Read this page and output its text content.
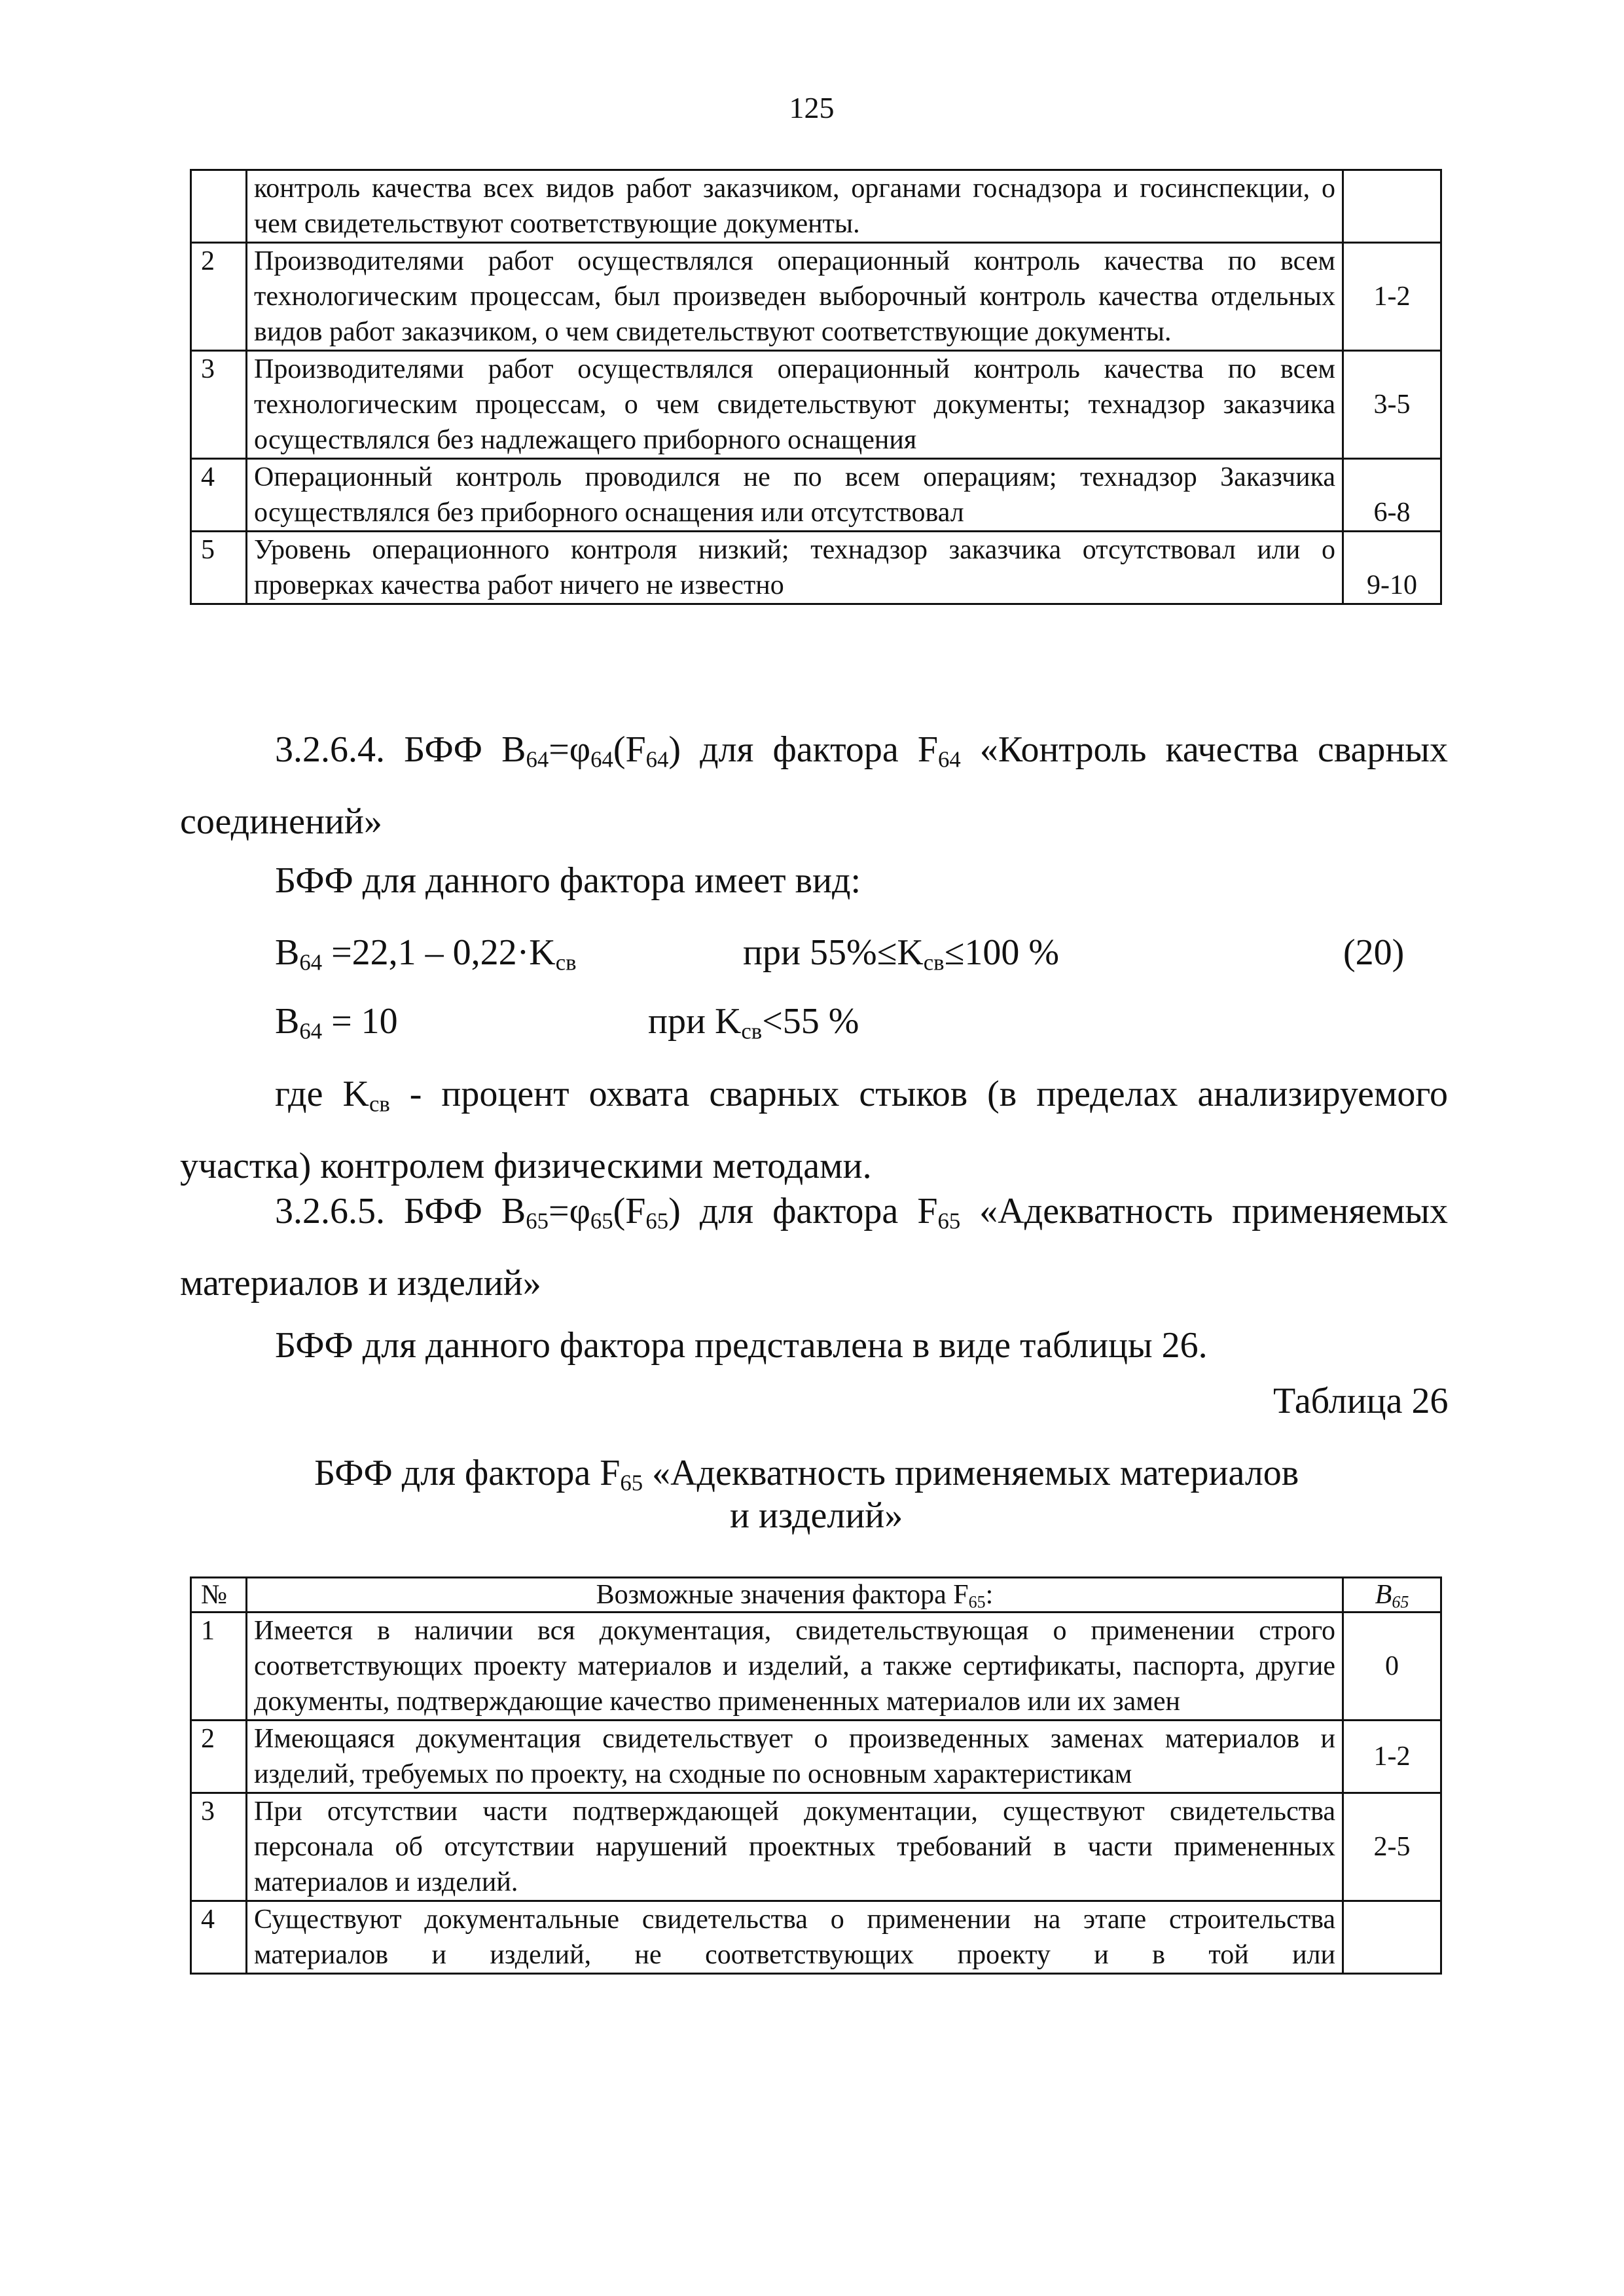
125
	контроль качества всех видов работ заказчиком, органами госнадзора и госинспекции, о чем свидетельствуют соответствующие документы.	
2	Производителями работ осуществлялся операционный контроль качества по всем технологическим процессам, был произведен выборочный контроль качества отдельных видов работ заказчиком, о чем свидетельствуют соответствующие документы.	1-2
3	Производителями работ осуществлялся операционный контроль качества по всем технологическим процессам, о чем свидетельствуют документы; технадзор заказчика осуществлялся без надлежащего приборного оснащения	3-5
4	Операционный контроль проводился не по всем операциям; технадзор Заказчика осуществлялся без приборного оснащения или отсутствовал	6-8
5	Уровень операционного контроля низкий; технадзор заказчика отсутствовал или о проверках качества работ ничего не известно	9-10
3.2.6.4. БФФ $В_{64}=\varphi_{64}(F_{64})$ для фактора $F_{64}$ «Контроль качества сварных
соединений»
БФФ для данного фактора имеет вид:
$В_{64} =22,1 - 0,22\cdot K_{св}$	при $55\%\le K_{св}\le 100$ %	(20)
$В_{64} = 10$	при $K_{св}<55$ %
где $K_{св}$ - процент охвата сварных стыков (в пределах анализируемого
участка) контролем физическими методами.
3.2.6.5. БФФ $В_{65}=\varphi_{65}(F_{65})$ для фактора $F_{65}$ «Адекватность применяемых
материалов и изделий»
БФФ для данного фактора представлена в виде таблицы 26.
Таблица 26
БФФ для фактора $F_{65}$ «Адекватность применяемых материалов
и изделий»
№	Возможные значения фактора $F_{65}$:	$В_{65}$
1	Имеется в наличии вся документация, свидетельствующая о применении строго соответствующих проекту материалов и изделий, а также сертификаты, паспорта, другие документы, подтверждающие качество примененных материалов или их замен	0
2	Имеющаяся документация свидетельствует о произведенных заменах материалов и изделий, требуемых по проекту, на сходные по основным характеристикам	1-2
3	При отсутствии части подтверждающей документации, существуют свидетельства персонала об отсутствии нарушений проектных требований в части примененных материалов и изделий.	2-5
4	Существуют документальные свидетельства о применении на этапе строительства материалов и изделий, не соответствующих проекту и в той или	
